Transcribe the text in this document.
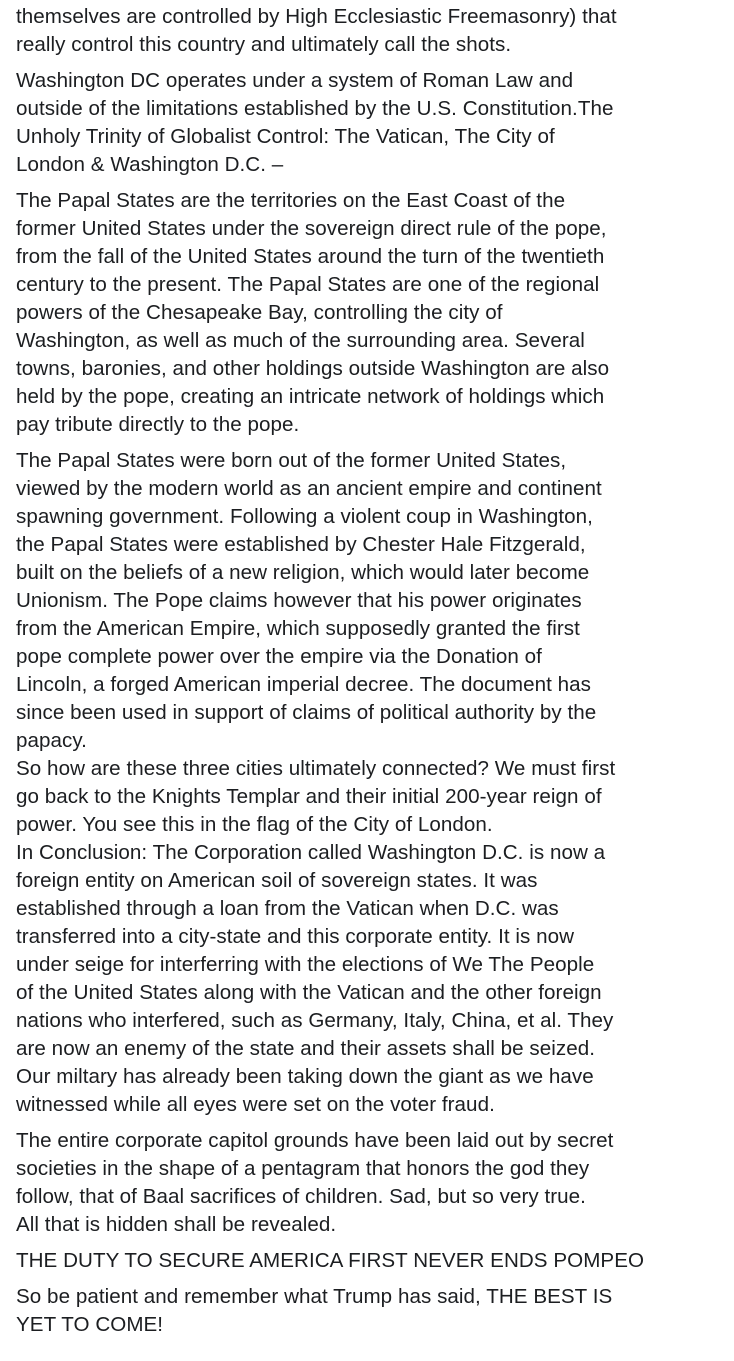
themselves are controlled by High Ecclesiastic Freemasonry) that
really control this country and ultimately call the shots.

Washington DC operates under a system of Roman Law and
outside of the limitations established by the U.S. Constitution.The
Unholy Trinity of Globalist Control: The Vatican, The City of
London & Washington D.C. –

The Papal States are the territories on the East Coast of the
former United States under the sovereign direct rule of the pope,
from the fall of the United States around the turn of the twentieth
century to the present. The Papal States are one of the regional
powers of the Chesapeake Bay, controlling the city of
Washington, as well as much of the surrounding area. Several
towns, baronies, and other holdings outside Washington are also
held by the pope, creating an intricate network of holdings which
pay tribute directly to the pope.

The Papal States were born out of the former United States,
viewed by the modern world as an ancient empire and continent
spawning government. Following a violent coup in Washington,
the Papal States were established by Chester Hale Fitzgerald,
built on the beliefs of a new religion, which would later become
Unionism. The Pope claims however that his power originates
from the American Empire, which supposedly granted the first
pope complete power over the empire via the Donation of
Lincoln, a forged American imperial decree. The document has
since been used in support of claims of political authority by the
papacy.
So how are these three cities ultimately connected? We must first
go back to the Knights Templar and their initial 200-year reign of
power. You see this in the flag of the City of London.
In Conclusion: The Corporation called Washington D.C. is now a
foreign entity on American soil of sovereign states. It was
established through a loan from the Vatican when D.C. was
transferred into a city-state and this corporate entity. It is now
under seige for interferring with the elections of We The People
of the United States along with the Vatican and the other foreign
nations who interfered, such as Germany, Italy, China, et al. They
are now an enemy of the state and their assets shall be seized.
Our miltary has already been taking down the giant as we have
witnessed while all eyes were set on the voter fraud.

The entire corporate capitol grounds have been laid out by secret
societies in the shape of a pentagram that honors the god they
follow, that of Baal sacrifices of children. Sad, but so very true.
All that is hidden shall be revealed.

THE DUTY TO SECURE AMERICA FIRST NEVER ENDS POMPEO

So be patient and remember what Trump has said, THE BEST IS
YET TO COME!
